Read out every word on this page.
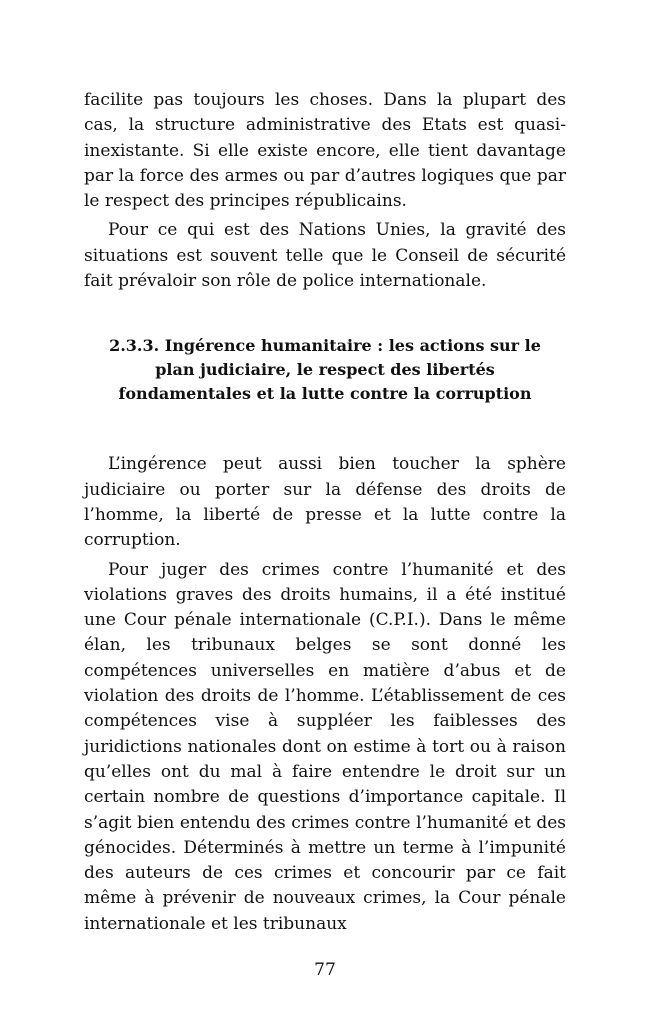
facilite pas toujours les choses. Dans la plupart des cas, la structure administrative des Etats est quasi-inexistante. Si elle existe encore, elle tient davantage par la force des armes ou par d’autres logiques que par le respect des principes républicains.

Pour ce qui est des Nations Unies, la gravité des situations est souvent telle que le Conseil de sécurité fait prévaloir son rôle de police internationale.

2.3.3. Ingérence humanitaire : les actions sur le plan judiciaire, le respect des libertés fondamentales et la lutte contre la corruption

L’ingérence peut aussi bien toucher la sphère judiciaire ou porter sur la défense des droits de l’homme, la liberté de presse et la lutte contre la corruption.

Pour juger des crimes contre l’humanité et des violations graves des droits humains, il a été institué une Cour pénale internationale (C.P.I.). Dans le même élan, les tribunaux belges se sont donné les compétences universelles en matière d’abus et de violation des droits de l’homme. L’établissement de ces compétences vise à suppléer les faiblesses des juridictions nationales dont on estime à tort ou à raison qu’elles ont du mal à faire entendre le droit sur un certain nombre de questions d’importance capitale. Il s’agit bien entendu des crimes contre l’humanité et des génocides. Déterminés à mettre un terme à l’impunité des auteurs de ces crimes et concourir par ce fait même à prévenir de nouveaux crimes, la Cour pénale internationale et les tribunaux

77
